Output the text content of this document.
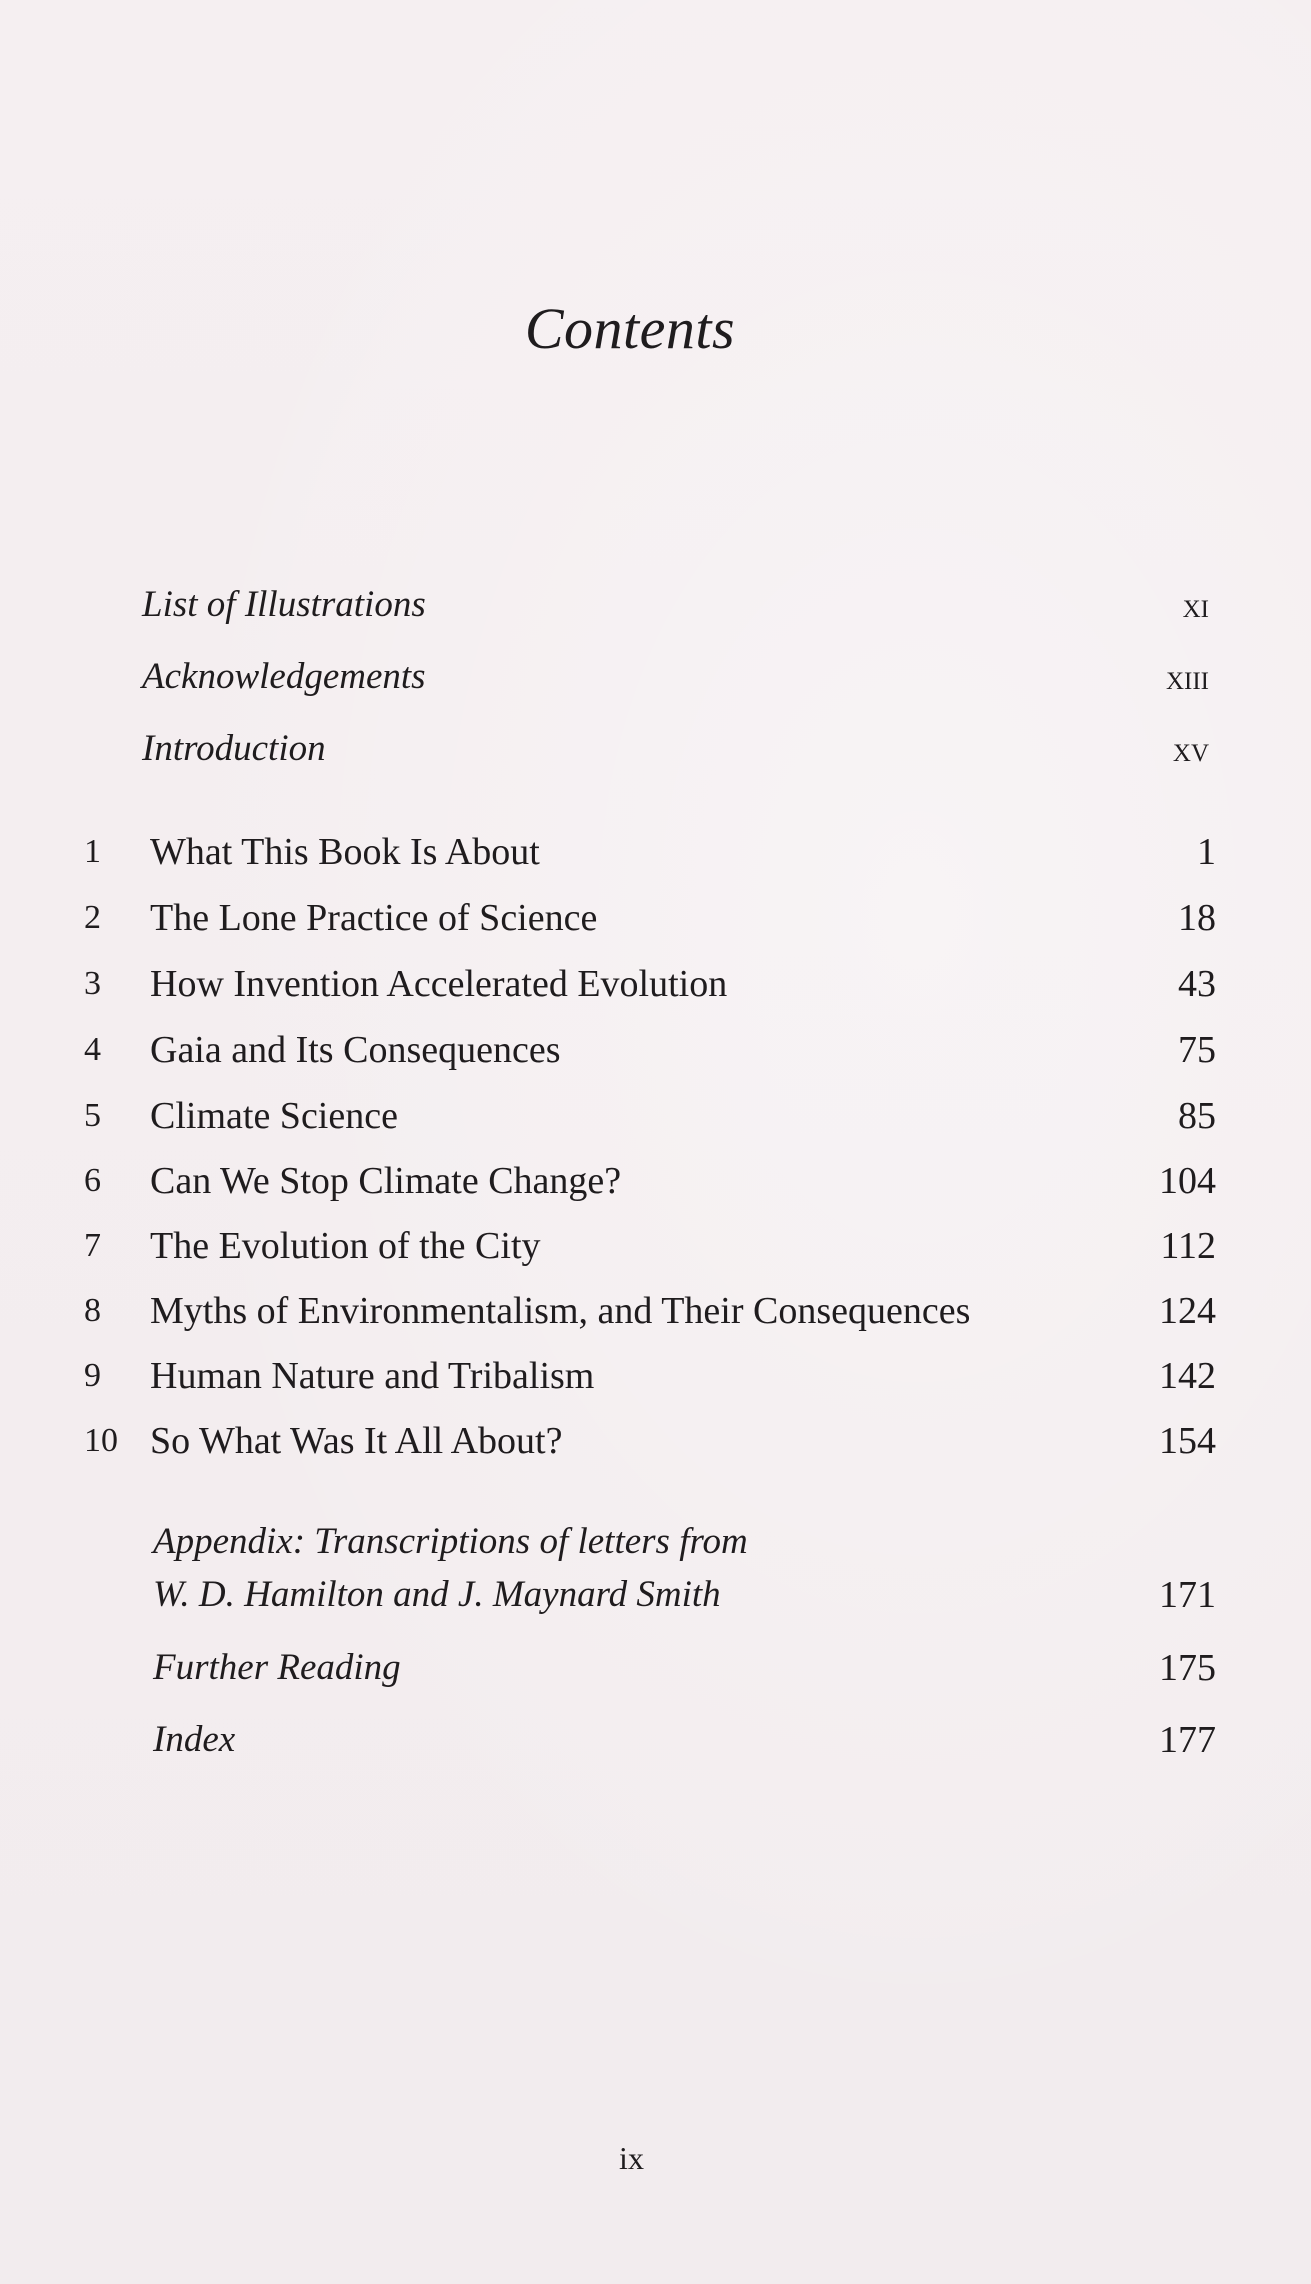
Contents
List of Illustrations	xi
Acknowledgements	xiii
Introduction	xv
1	What This Book Is About	1
2	The Lone Practice of Science	18
3	How Invention Accelerated Evolution	43
4	Gaia and Its Consequences	75
5	Climate Science	85
6	Can We Stop Climate Change?	104
7	The Evolution of the City	112
8	Myths of Environmentalism, and Their Consequences	124
9	Human Nature and Tribalism	142
10 So What Was It All About?	154
Appendix: Transcriptions of letters from
W. D. Hamilton and J. Maynard Smith	171
Further Reading	175
Index	177
ix
